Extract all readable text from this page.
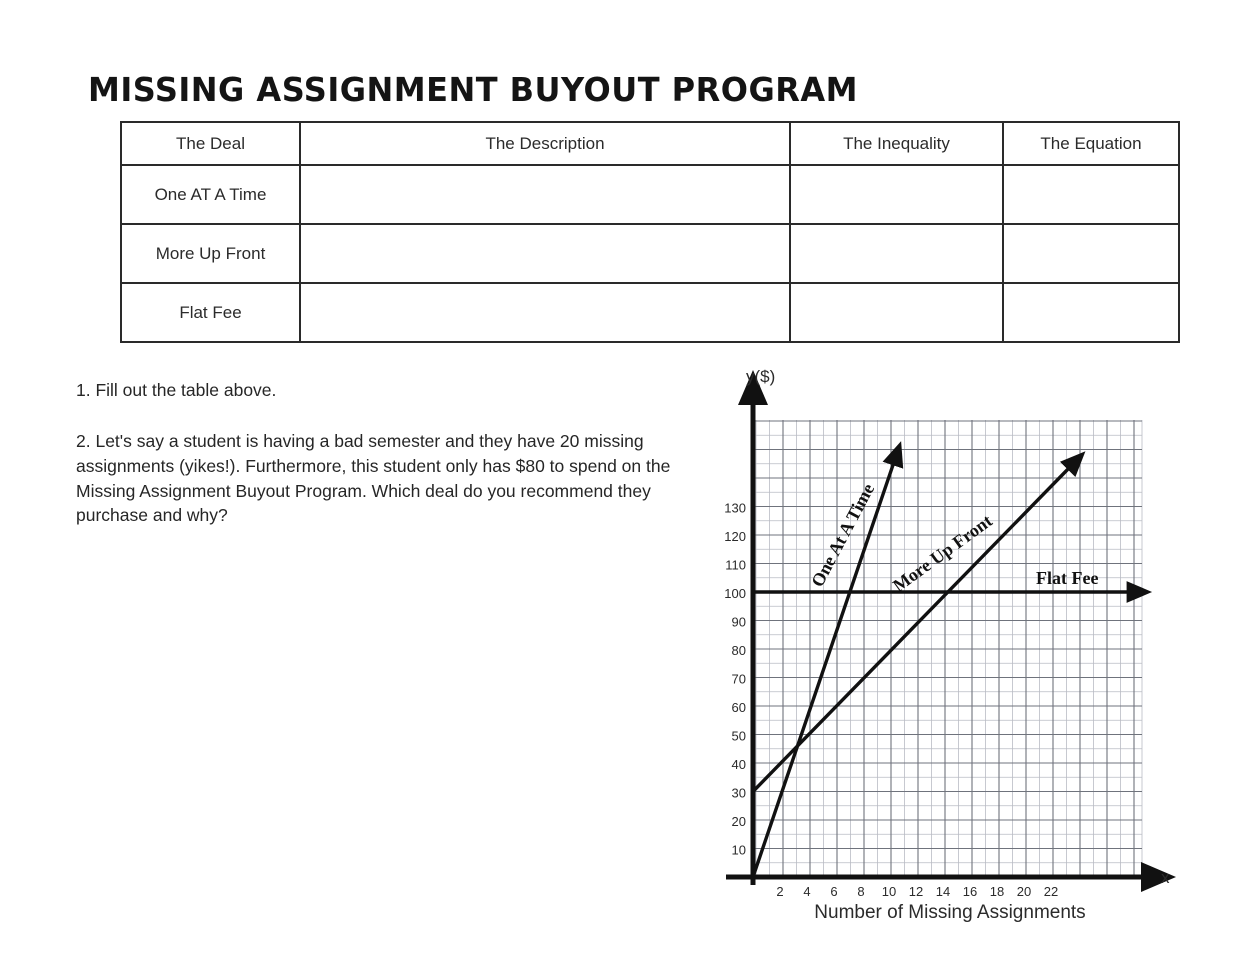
MISSING ASSIGNMENT BUYOUT PROGRAM
The Deal	The Description	The Inequality	The Equation
One AT A Time			
More Up Front			
Flat Fee			
1. Fill out the table above.
2. Let's say a student is having a bad semester and they have 20 missing assignments (yikes!). Furthermore, this student only has $80 to spend on the Missing Assignment Buyout Program. Which deal do you recommend they purchase and why?
10
20
30
40
50
60
70
80
90
100
110
120
130
2 4 6 8 10 12 14 16 18 20 22
y($)
x
Number of Missing Assignments
Flat Fee
More Up Front
One At A Time
